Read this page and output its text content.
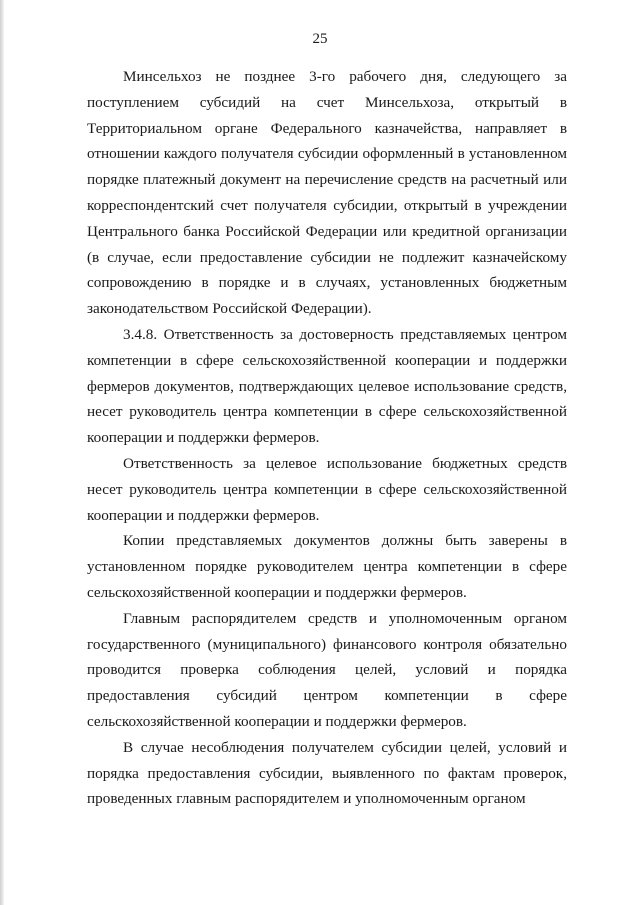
25

Минсельхоз не позднее 3-го рабочего дня, следующего за поступлением субсидий на счет Минсельхоза, открытый в Территориальном органе Федерального казначейства, направляет в отношении каждого получателя субсидии оформленный в установленном порядке платежный документ на перечисление средств на расчетный или корреспондентский счет получателя субсидии, открытый в учреждении Центрального банка Российской Федерации или кредитной организации (в случае, если предоставление субсидии не подлежит казначейскому сопровождению в порядке и в случаях, установленных бюджетным законодательством Российской Федерации).

3.4.8. Ответственность за достоверность представляемых центром компетенции в сфере сельскохозяйственной кооперации и поддержки фермеров документов, подтверждающих целевое использование средств, несет руководитель центра компетенции в сфере сельскохозяйственной кооперации и поддержки фермеров.

Ответственность за целевое использование бюджетных средств несет руководитель центра компетенции в сфере сельскохозяйственной кооперации и поддержки фермеров.

Копии представляемых документов должны быть заверены в установленном порядке руководителем центра компетенции в сфере сельскохозяйственной кооперации и поддержки фермеров.

Главным распорядителем средств и уполномоченным органом государственного (муниципального) финансового контроля обязательно проводится проверка соблюдения целей, условий и порядка предоставления субсидий центром компетенции в сфере сельскохозяйственной кооперации и поддержки фермеров.

В случае несоблюдения получателем субсидии целей, условий и порядка предоставления субсидии, выявленного по фактам проверок, проведенных главным распорядителем и уполномоченным органом
